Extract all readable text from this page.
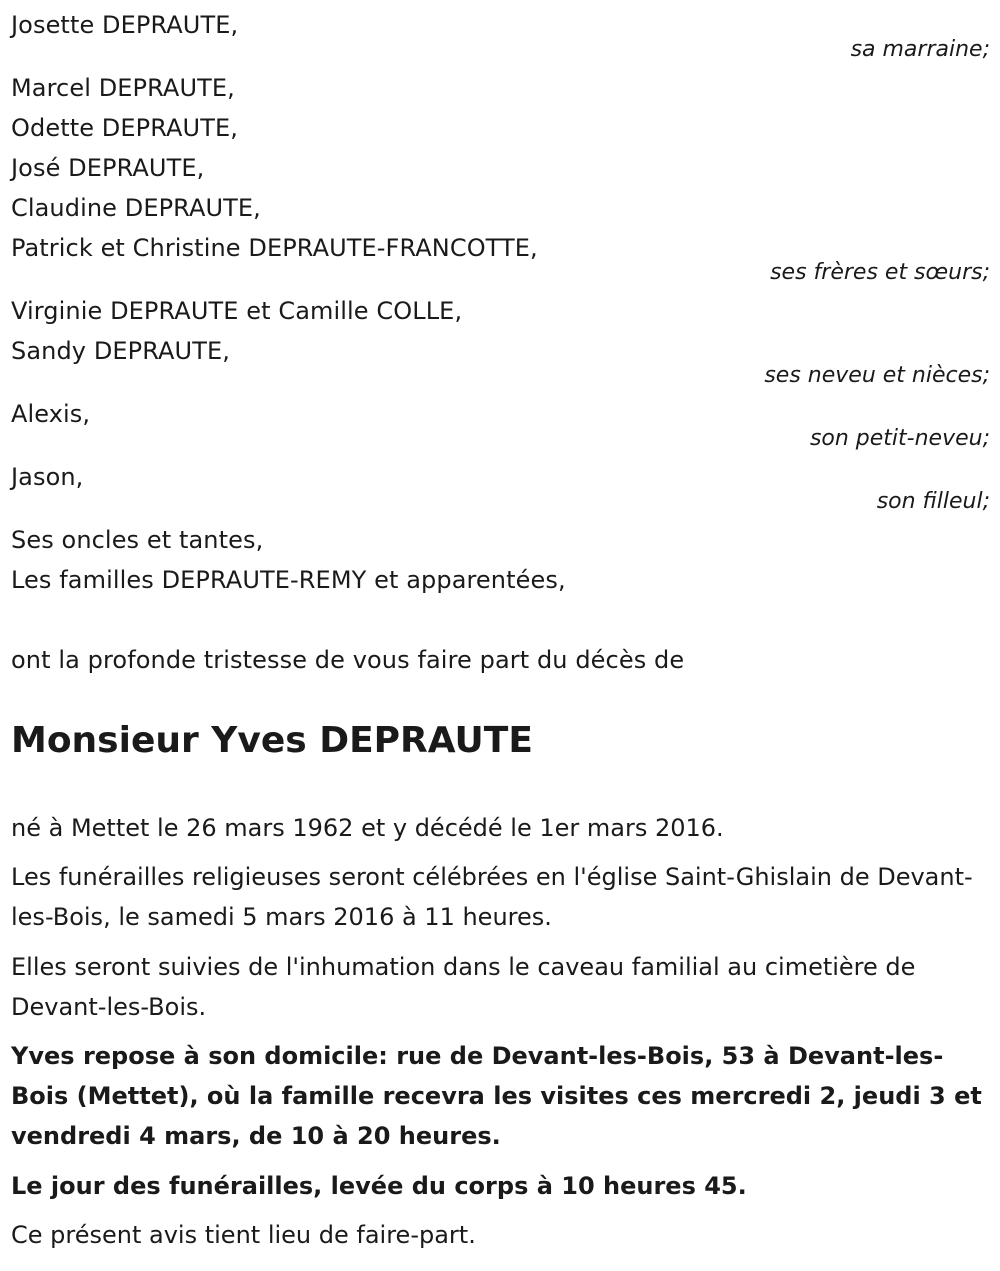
Josette DEPRAUTE,
sa marraine;
Marcel DEPRAUTE,
Odette DEPRAUTE,
José DEPRAUTE,
Claudine DEPRAUTE,
Patrick et Christine DEPRAUTE-FRANCOTTE,
ses frères et sœurs;
Virginie DEPRAUTE et Camille COLLE,
Sandy DEPRAUTE,
ses neveu et nièces;
Alexis,
son petit-neveu;
Jason,
son filleul;
Ses oncles et tantes,
Les familles DEPRAUTE-REMY et apparentées,
ont la profonde tristesse de vous faire part du décès de
Monsieur Yves DEPRAUTE
né à Mettet le 26 mars 1962 et y décédé le 1er mars 2016.
Les funérailles religieuses seront célébrées en l'église Saint-Ghislain de Devant-les-Bois, le samedi 5 mars 2016 à 11 heures.
Elles seront suivies de l'inhumation dans le caveau familial au cimetière de Devant-les-Bois.
Yves repose à son domicile: rue de Devant-les-Bois, 53 à Devant-les-Bois (Mettet), où la famille recevra les visites ces mercredi 2, jeudi 3 et vendredi 4 mars, de 10 à 20 heures.
Le jour des funérailles, levée du corps à 10 heures 45.
Ce présent avis tient lieu de faire-part.
